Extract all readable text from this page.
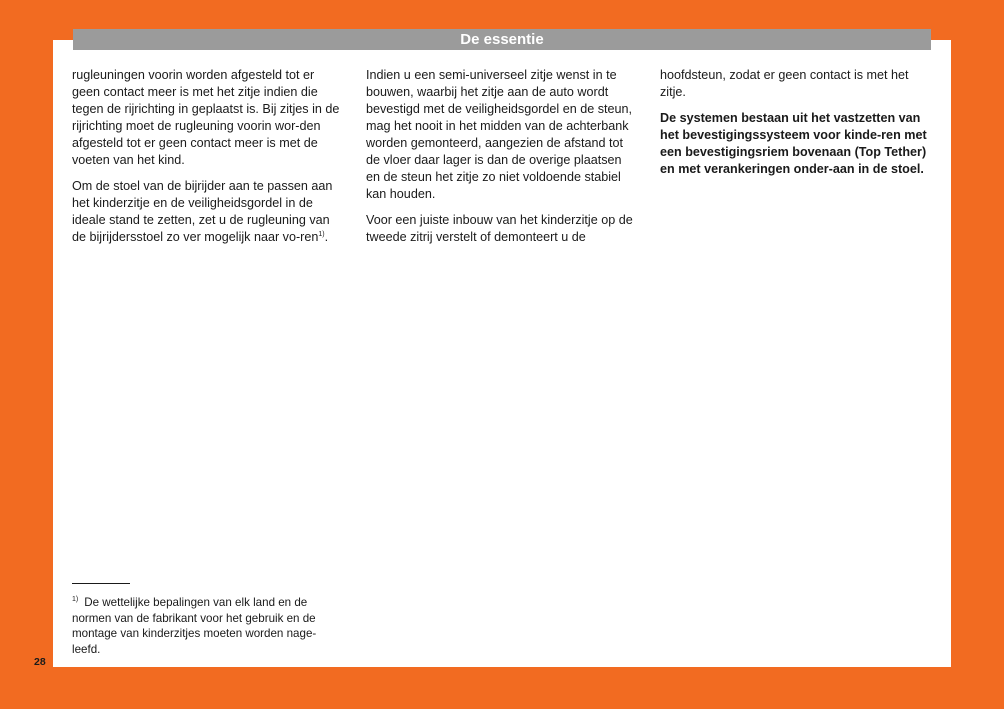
De essentie

rugleuningen voorin worden afgesteld tot er geen contact meer is met het zitje indien die tegen de rijrichting in geplaatst is. Bij zitjes in de rijrichting moet de rugleuning voorin wor-den afgesteld tot er geen contact meer is met de voeten van het kind.

Om de stoel van de bijrijder aan te passen aan het kinderzitje en de veiligheidsgordel in de ideale stand te zetten, zet u de rugleuning van de bijrijdersstoel zo ver mogelijk naar vo-ren$^{1)}$.

Indien u een semi-universeel zitje wenst in te bouwen, waarbij het zitje aan de auto wordt bevestigd met de veiligheidsgordel en de steun, mag het nooit in het midden van de achterbank worden gemonteerd, aangezien de afstand tot de vloer daar lager is dan de overige plaatsen en de steun het zitje zo niet voldoende stabiel kan houden.

Voor een juiste inbouw van het kinderzitje op de tweede zitrij verstelt of demonteert u de

hoofdsteun, zodat er geen contact is met het zitje.

De systemen bestaan uit het vastzetten van het bevestigingssysteem voor kinde-ren met een bevestigingsriem bovenaan (Top Tether) en met verankeringen onder-aan in de stoel.

$^{1)}$ De wettelijke bepalingen van elk land en de normen van de fabrikant voor het gebruik en de montage van kinderzitjes moeten worden nage-leefd.
28
